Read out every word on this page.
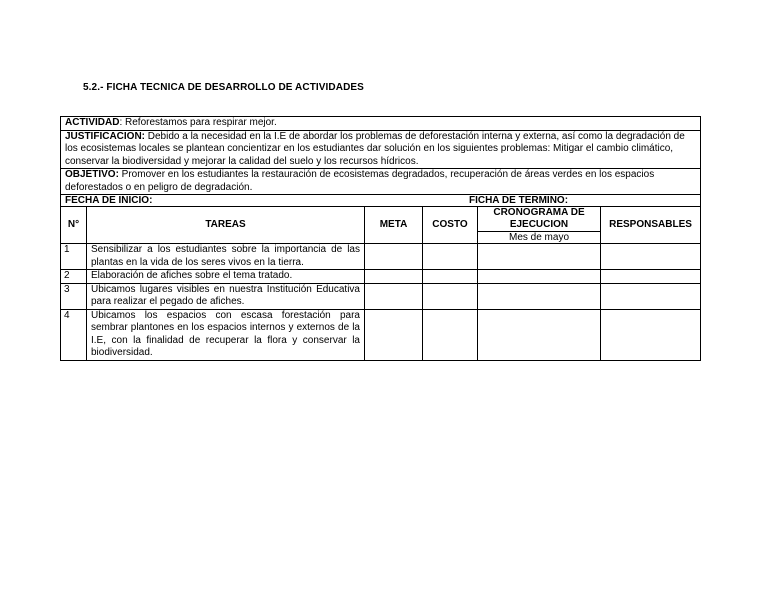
5.2.- FICHA TECNICA DE DESARROLLO DE ACTIVIDADES
ACTIVIDAD: Reforestamos para respirar mejor.					
JUSTIFICACION: Debido a la necesidad en la I.E de abordar los problemas de deforestación interna y externa, así como la degradación de los ecosistemas locales se plantean concientizar en los estudiantes dar solución en los siguientes problemas: Mitigar el cambio climático, conservar la biodiversidad y mejorar la calidad del suelo y los recursos hídricos.					
OBJETIVO: Promover en los estudiantes la restauración de ecosistemas degradados, recuperación de áreas verdes en los espacios deforestados o en peligro de degradación.					

FECHA DE INICIO: FICHA DE TERMINO:					

N°	TAREAS	META	COSTO	CRONOGRAMA DE EJECUCION	RESPONSABLES
				Mes de mayo	
1	Sensibilizar a los estudiantes sobre la importancia de las plantas en la vida de los seres vivos en la tierra.				
2	Elaboración de afiches sobre el tema tratado.				
3	Ubicamos lugares visibles en nuestra Institución Educativa para realizar el pegado de afiches.				
4	Ubicamos los espacios con escasa forestación para sembrar plantones en los espacios internos y externos de la I.E, con la finalidad de recuperar la flora y conservar la biodiversidad.				
